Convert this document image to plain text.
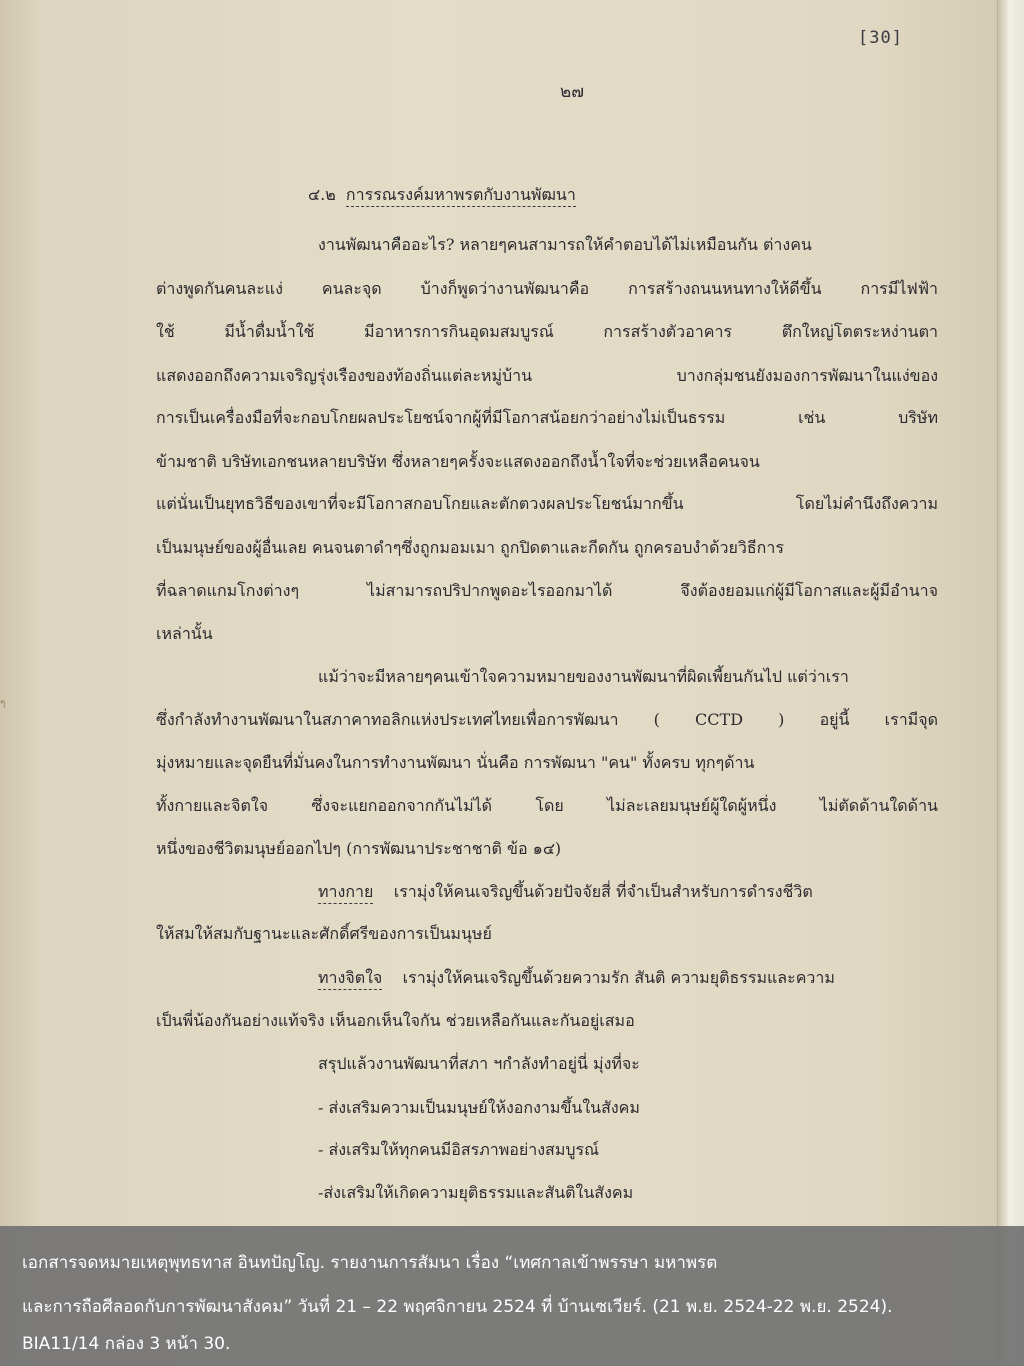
[30]
๒๗
ๆ
๔.๒ การรณรงค์มหาพรตกับงานพัฒนา
งานพัฒนาคืออะไร? หลายๆคนสามารถให้คำตอบได้ไม่เหมือนกัน ต่างคน
ต่างพูดกันคนละแง่ คนละจุด บ้างก็พูดว่างานพัฒนาคือ การสร้างถนนหนทางให้ดีขึ้น การมีไฟฟ้า
ใช้ มีน้ำดื่มน้ำใช้ มีอาหารการกินอุดมสมบูรณ์ การสร้างตัวอาคาร ตึกใหญ่โตตระหง่านตา
แสดงออกถึงความเจริญรุ่งเรืองของท้องถิ่นแต่ละหมู่บ้าน บางกลุ่มชนยังมองการพัฒนาในแง่ของ
การเป็นเครื่องมือที่จะกอบโกยผลประโยชน์จากผู้ที่มีโอกาสน้อยกว่าอย่างไม่เป็นธรรม เช่น บริษัท
ข้ามชาติ บริษัทเอกชนหลายบริษัท ซึ่งหลายๆครั้งจะแสดงออกถึงน้ำใจที่จะช่วยเหลือคนจน
แต่นั่นเป็นยุทธวิธีของเขาที่จะมีโอกาสกอบโกยและตักตวงผลประโยชน์มากขึ้น โดยไม่คำนึงถึงความ
เป็นมนุษย์ของผู้อื่นเลย คนจนตาดำๆซึ่งถูกมอมเมา ถูกปิดตาและกีดกัน ถูกครอบงำด้วยวิธีการ
ที่ฉลาดแกมโกงต่างๆ ไม่สามารถปริปากพูดอะไรออกมาได้ จึงต้องยอมแก่ผู้มีโอกาสและผู้มีอำนาจ
เหล่านั้น
แม้ว่าจะมีหลายๆคนเข้าใจความหมายของงานพัฒนาที่ผิดเพี้ยนกันไป แต่ว่าเรา
ซึ่งกำลังทำงานพัฒนาในสภาคาทอลิกแห่งประเทศไทยเพื่อการพัฒนา ( CCTD ) อยู่นี้ เรามีจุด
มุ่งหมายและจุดยืนที่มั่นคงในการทำงานพัฒนา นั่นคือ การพัฒนา "คน" ทั้งครบ ทุกๆด้าน
ทั้งกายและจิตใจ ซึ่งจะแยกออกจากกันไม่ได้ โดย ไม่ละเลยมนุษย์ผู้ใดผู้หนึ่ง ไม่ตัดด้านใดด้าน
หนึ่งของชีวิตมนุษย์ออกไปๆ (การพัฒนาประชาชาติ ข้อ ๑๔)
ทางกาย เรามุ่งให้คนเจริญขึ้นด้วยปัจจัยสี่ ที่จำเป็นสำหรับการดำรงชีวิต
ให้สมให้สมกับฐานะและศักดิ์ศรีของการเป็นมนุษย์
ทางจิตใจ เรามุ่งให้คนเจริญขึ้นด้วยความรัก สันติ ความยุติธรรมและความ
เป็นพี่น้องกันอย่างแท้จริง เห็นอกเห็นใจกัน ช่วยเหลือกันและกันอยู่เสมอ
สรุปแล้วงานพัฒนาที่สภา ฯกำลังทำอยู่นี่ มุ่งที่จะ
- ส่งเสริมความเป็นมนุษย์ให้งอกงามขึ้นในสังคม
- ส่งเสริมให้ทุกคนมีอิสรภาพอย่างสมบูรณ์
-ส่งเสริมให้เกิดความยุติธรรมและสันติในสังคม
เอกสารจดหมายเหตุพุทธทาส อินทปัญโญ. รายงานการสัมนา เรื่อง “เทศกาลเข้าพรรษา มหาพรต
และการถือศีลอดกับการพัฒนาสังคม” วันที่ 21 – 22 พฤศจิกายน 2524 ที่ บ้านเซเวียร์. (21 พ.ย. 2524-22 พ.ย. 2524).
BIA11/14 กล่อง 3 หน้า 30.
